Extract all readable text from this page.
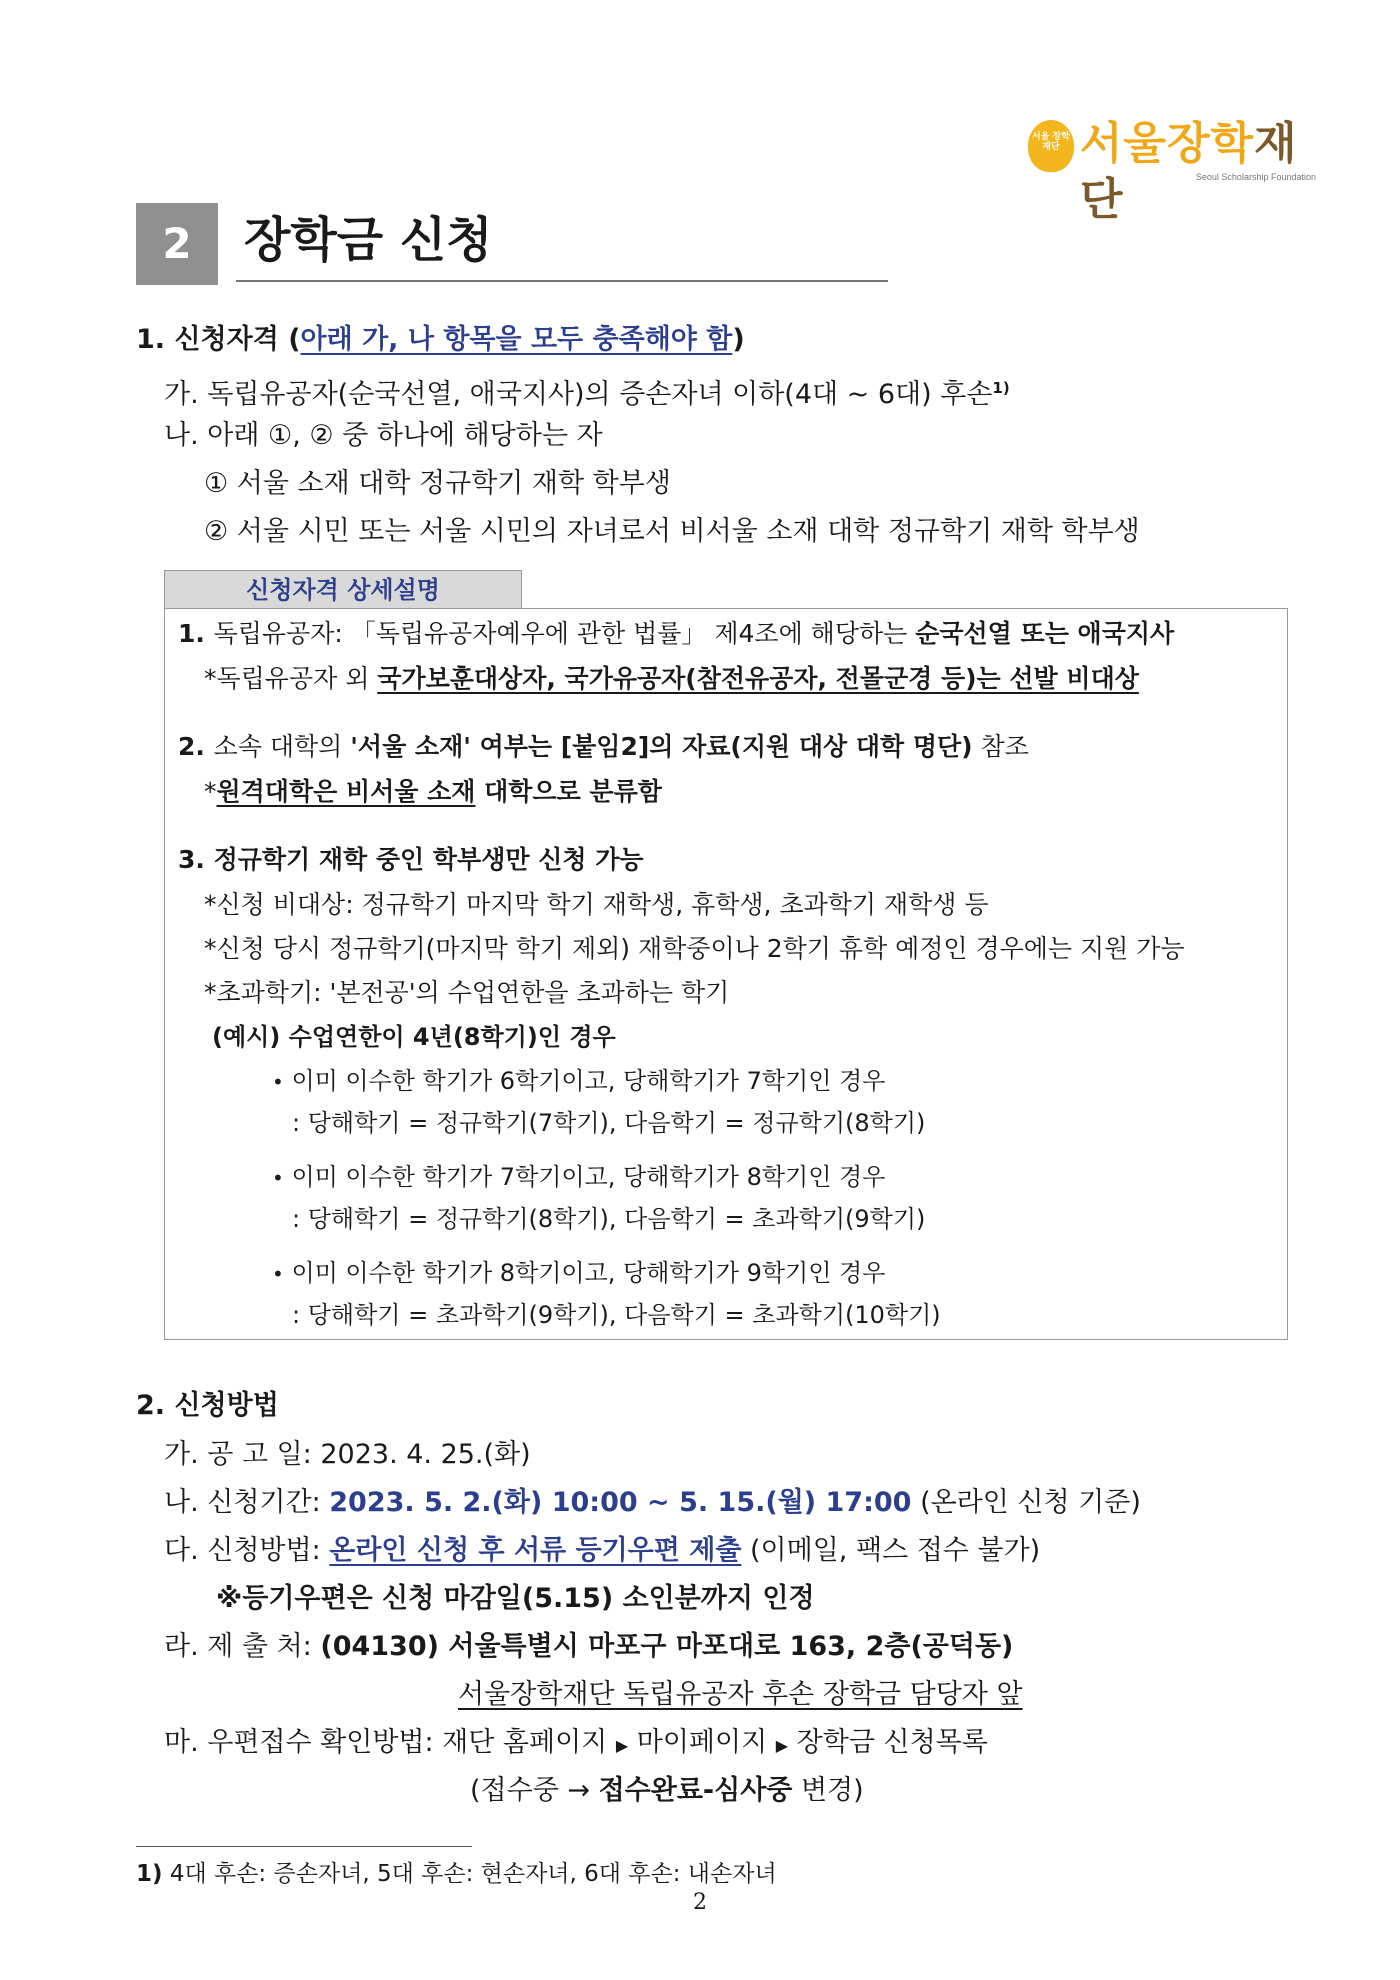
서울 장학 재단 서울장학재단	Seoul Scholarship Foundation
2	장학금 신청
1. 신청자격 (아래 가, 나 항목을 모두 충족해야 함)
가. 독립유공자(순국선열, 애국지사)의 증손자녀 이하(4대 ~ 6대) 후손$^{1)}$
나. 아래 ①, ② 중 하나에 해당하는 자
① 서울 소재 대학 정규학기 재학 학부생
② 서울 시민 또는 서울 시민의 자녀로서 비서울 소재 대학 정규학기 재학 학부생
신청자격 상세설명
1. 독립유공자: 「독립유공자예우에 관한 법률」 제4조에 해당하는 순국선열 또는 애국지사
*독립유공자 외 국가보훈대상자, 국가유공자(참전유공자, 전몰군경 등)는 선발 비대상
2. 소속 대학의 '서울 소재' 여부는 [붙임2]의 자료(지원 대상 대학 명단) 참조
*원격대학은 비서울 소재 대학으로 분류함
3. 정규학기 재학 중인 학부생만 신청 가능
*신청 비대상: 정규학기 마지막 학기 재학생, 휴학생, 초과학기 재학생 등
*신청 당시 정규학기(마지막 학기 제외) 재학중이나 2학기 휴학 예정인 경우에는 지원 가능
*초과학기: '본전공'의 수업연한을 초과하는 학기
(예시) 수업연한이 4년(8학기)인 경우
• 이미 이수한 학기가 6학기이고, 당해학기가 7학기인 경우
: 당해학기 = 정규학기(7학기), 다음학기 = 정규학기(8학기)
• 이미 이수한 학기가 7학기이고, 당해학기가 8학기인 경우
: 당해학기 = 정규학기(8학기), 다음학기 = 초과학기(9학기)
• 이미 이수한 학기가 8학기이고, 당해학기가 9학기인 경우
: 당해학기 = 초과학기(9학기), 다음학기 = 초과학기(10학기)
2. 신청방법
가. 공 고 일: 2023. 4. 25.(화)
나. 신청기간: 2023. 5. 2.(화) 10:00 ~ 5. 15.(월) 17:00 (온라인 신청 기준)
다. 신청방법: 온라인 신청 후 서류 등기우편 제출 (이메일, 팩스 접수 불가)
※등기우편은 신청 마감일(5.15) 소인분까지 인정
라. 제 출 처: (04130) 서울특별시 마포구 마포대로 163, 2층(공덕동)
서울장학재단 독립유공자 후손 장학금 담당자 앞
마. 우편접수 확인방법: 재단 홈페이지 ▶ 마이페이지 ▶ 장학금 신청목록
(접수중 → 접수완료-심사중 변경)
1) 4대 후손: 증손자녀, 5대 후손: 현손자녀, 6대 후손: 내손자녀
2
